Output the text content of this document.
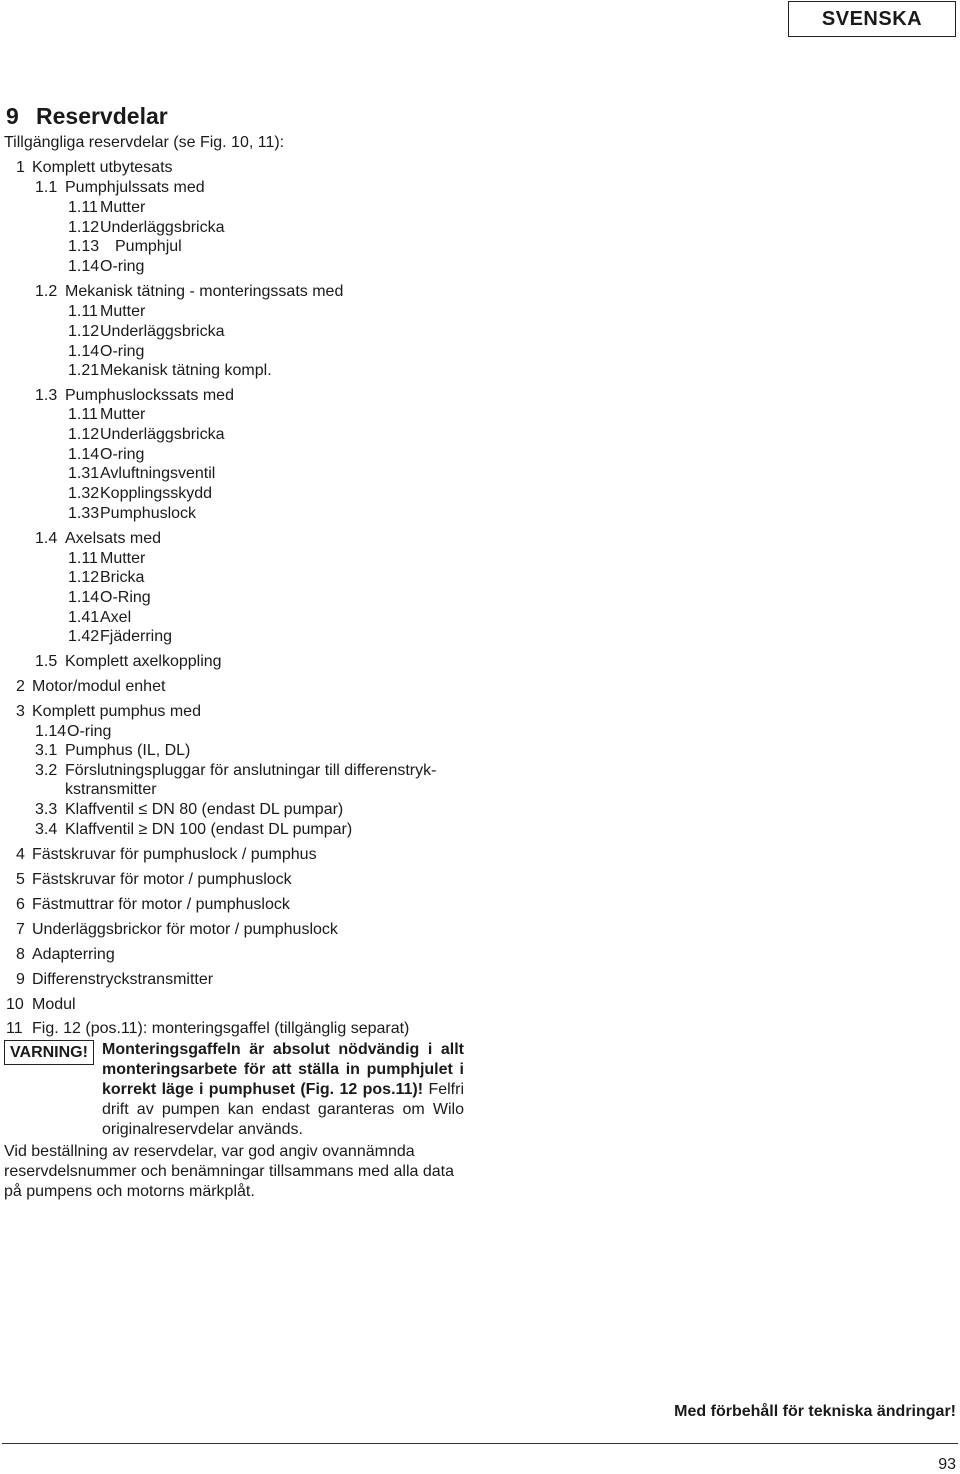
SVENSKA
9 Reservdelar
Tillgängliga reservdelar (se Fig. 10, 11):
1 Komplett utbytesats
1.1 Pumphjulssats med
1.11 Mutter
1.12Underläggsbricka
1.13 Pumphjul
1.14O-ring
1.2 Mekanisk tätning - monteringssats med
1.11 Mutter
1.12Underläggsbricka
1.14O-ring
1.21Mekanisk tätning kompl.
1.3 Pumphuslockssats med
1.11 Mutter
1.12Underläggsbricka
1.14O-ring
1.31Avluftningsventil
1.32Kopplingsskydd
1.33Pumphuslock
1.4 Axelsats med
1.11 Mutter
1.12Bricka
1.14O-Ring
1.41Axel
1.42Fjäderring
1.5 Komplett axelkoppling
2 Motor/modul enhet
3 Komplett pumphus med
1.14O-ring
3.1 Pumphus (IL, DL)
3.2 Förslutningspluggar för anslutningar till differenstryk-
kstransmitter
3.3 Klaffventil ≤ DN 80 (endast DL pumpar)
3.4 Klaffventil ≥ DN 100 (endast DL pumpar)
4 Fästskruvar för pumphuslock / pumphus
5 Fästskruvar för motor / pumphuslock
6 Fästmuttrar för motor / pumphuslock
7 Underläggsbrickor för motor / pumphuslock
8 Adapterring
9 Differenstryckstransmitter
10 Modul
11 Fig. 12 (pos.11): monteringsgaffel (tillgänglig separat)
VARNING! Monteringsgaffeln är absolut nödvändig i allt monteringsarbete för att ställa in pumphjulet i korrekt läge i pumphuset (Fig. 12 pos.11)! Felfri drift av pumpen kan endast garanteras om Wilo originalreservdelar används.
Vid beställning av reservdelar, var god angiv ovannämnda reservdelsnummer och benämningar tillsammans med alla data på pumpens och motorns märkplåt.
Med förbehåll för tekniska ändringar!
93
